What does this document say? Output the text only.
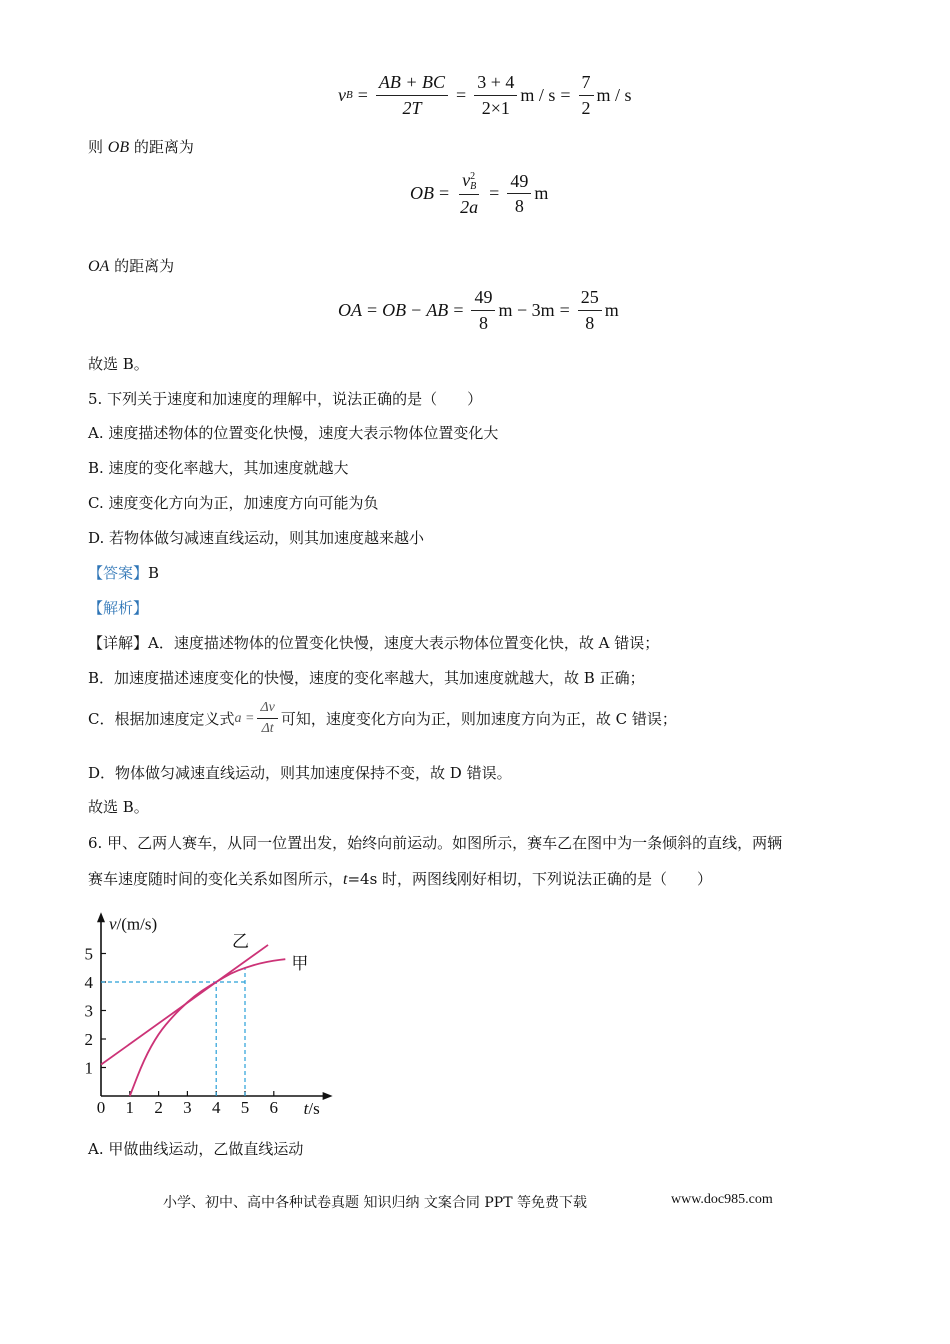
v $B = \frac{AB + BC}{2T} = \frac{3 + 4}{2\times 1}$ $m / s = \frac{7}{2}$ m / s
则 OB 的距离为
OB = v 2
B
$2a = \frac{49}{8}$ m
OA 的距离为
OA = OB − AB = $\frac{49}{8}$ $m - 3m = \frac{25}{8}$ m
故选 B。
5. 下列关于速度和加速度的理解中，说法正确的是（　　）
A. 速度描述物体的位置变化快慢，速度大表示物体位置变化大
B. 速度的变化率越大，其加速度就越大
C. 速度变化方向为正，加速度方向可能为负
D. 若物体做匀减速直线运动，则其加速度越来越小
【答案】B
【解析】
【详解】A．速度描述物体的位置变化快慢，速度大表示物体位置变化快，故 A 错误；
B．加速度描述速度变化的快慢，速度的变化率越大，其加速度就越大，故 B 正确；
C．根据加速度定义式 $a = \frac{\Delta v}{\Delta t}$ 可知，速度变化方向为正，则加速度方向为正，故 C 错误；
D．物体做匀减速直线运动，则其加速度保持不变，故 D 错误。
故选 B。
6. 甲、乙两人赛车，从同一位置出发，始终向前运动。如图所示，赛车乙在图中为一条倾斜的直线，两辆
赛车速度随时间的变化关系如图所示，t=4s 时，两图线刚好相切，下列说法正确的是（　　）
0 1 2 3 4 5 6
1
2
3
4
5
v/(m/s)
t/s
乙
甲
A. 甲做曲线运动，乙做直线运动
小学、初中、高中各种试卷真题 知识归纳 文案合同 PPT 等免费下载	www.doc985.com
